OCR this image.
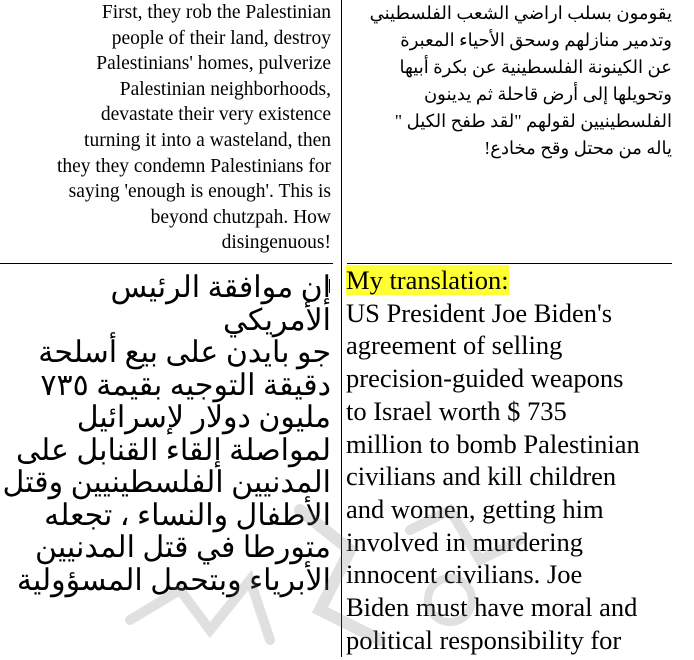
First, they rob the Palestinian

people of their land, destroy

Palestinians' homes, pulverize

Palestinian neighborhoods,

devastate their very existence

turning it into a wasteland, then

they they condemn Palestinians for

saying 'enough is enough'. This is

beyond chutzpah. How

disingenuous!

يقومون بسلب اراضي الشعب الفلسطيني

وتدمير منازلهم وسحق الأحياء المعبرة

عن الكينونة الفلسطينية عن بكرة أبيها

وتحويلها إلى أرض قاحلة ثم يدينون

الفلسطينيين لقولهم "لقد طفح الكيل "

ياله من محتل وقح مخادع!

إن موافقة الرئيس الأمريكي

جو بايدن على بيع أسلحة

دقيقة التوجيه بقيمة ٧٣٥

مليون دولار لإسرائيل

لمواصلة إلقاء القنابل على

المدنيين الفلسطينيين وقتل

الأطفال والنساء ، تجعله

متورطا في قتل المدنيين

الأبرياء وبتحمل المسؤولية

My translation:

US President Joe Biden's

agreement of selling

precision-guided weapons

to Israel worth $ 735

million to bomb Palestinian

civilians and kill children

and women, getting him

involved in murdering

innocent civilians. Joe

Biden must have moral and

political responsibility for
